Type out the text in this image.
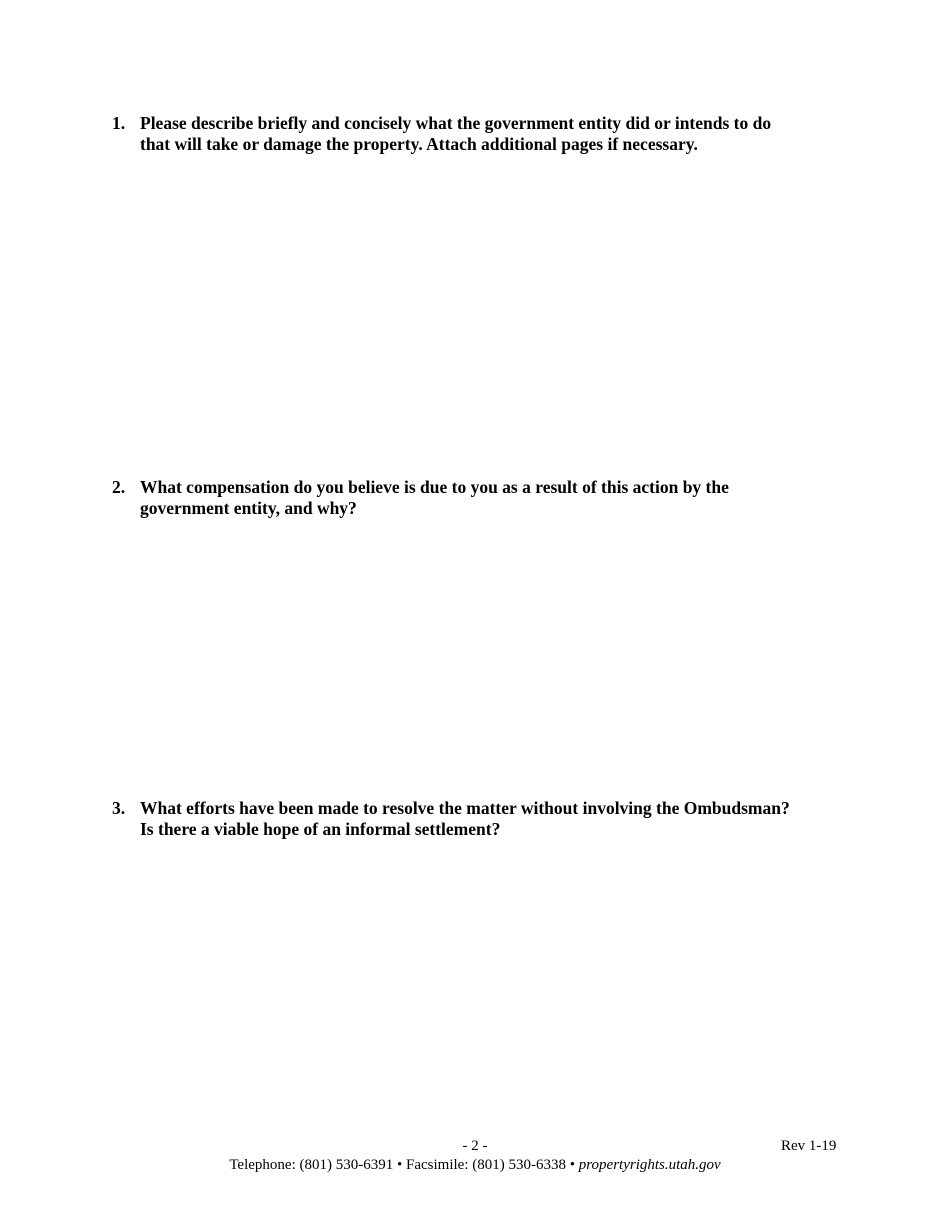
1. Please describe briefly and concisely what the government entity did or intends to do
that will take or damage the property. Attach additional pages if necessary.
2. What compensation do you believe is due to you as a result of this action by the
government entity, and why?
3. What efforts have been made to resolve the matter without involving the Ombudsman?
Is there a viable hope of an informal settlement?
- 2 -	Rev 1-19
Telephone: (801) 530-6391 • Facsimile: (801) 530-6338 • propertyrights.utah.gov
